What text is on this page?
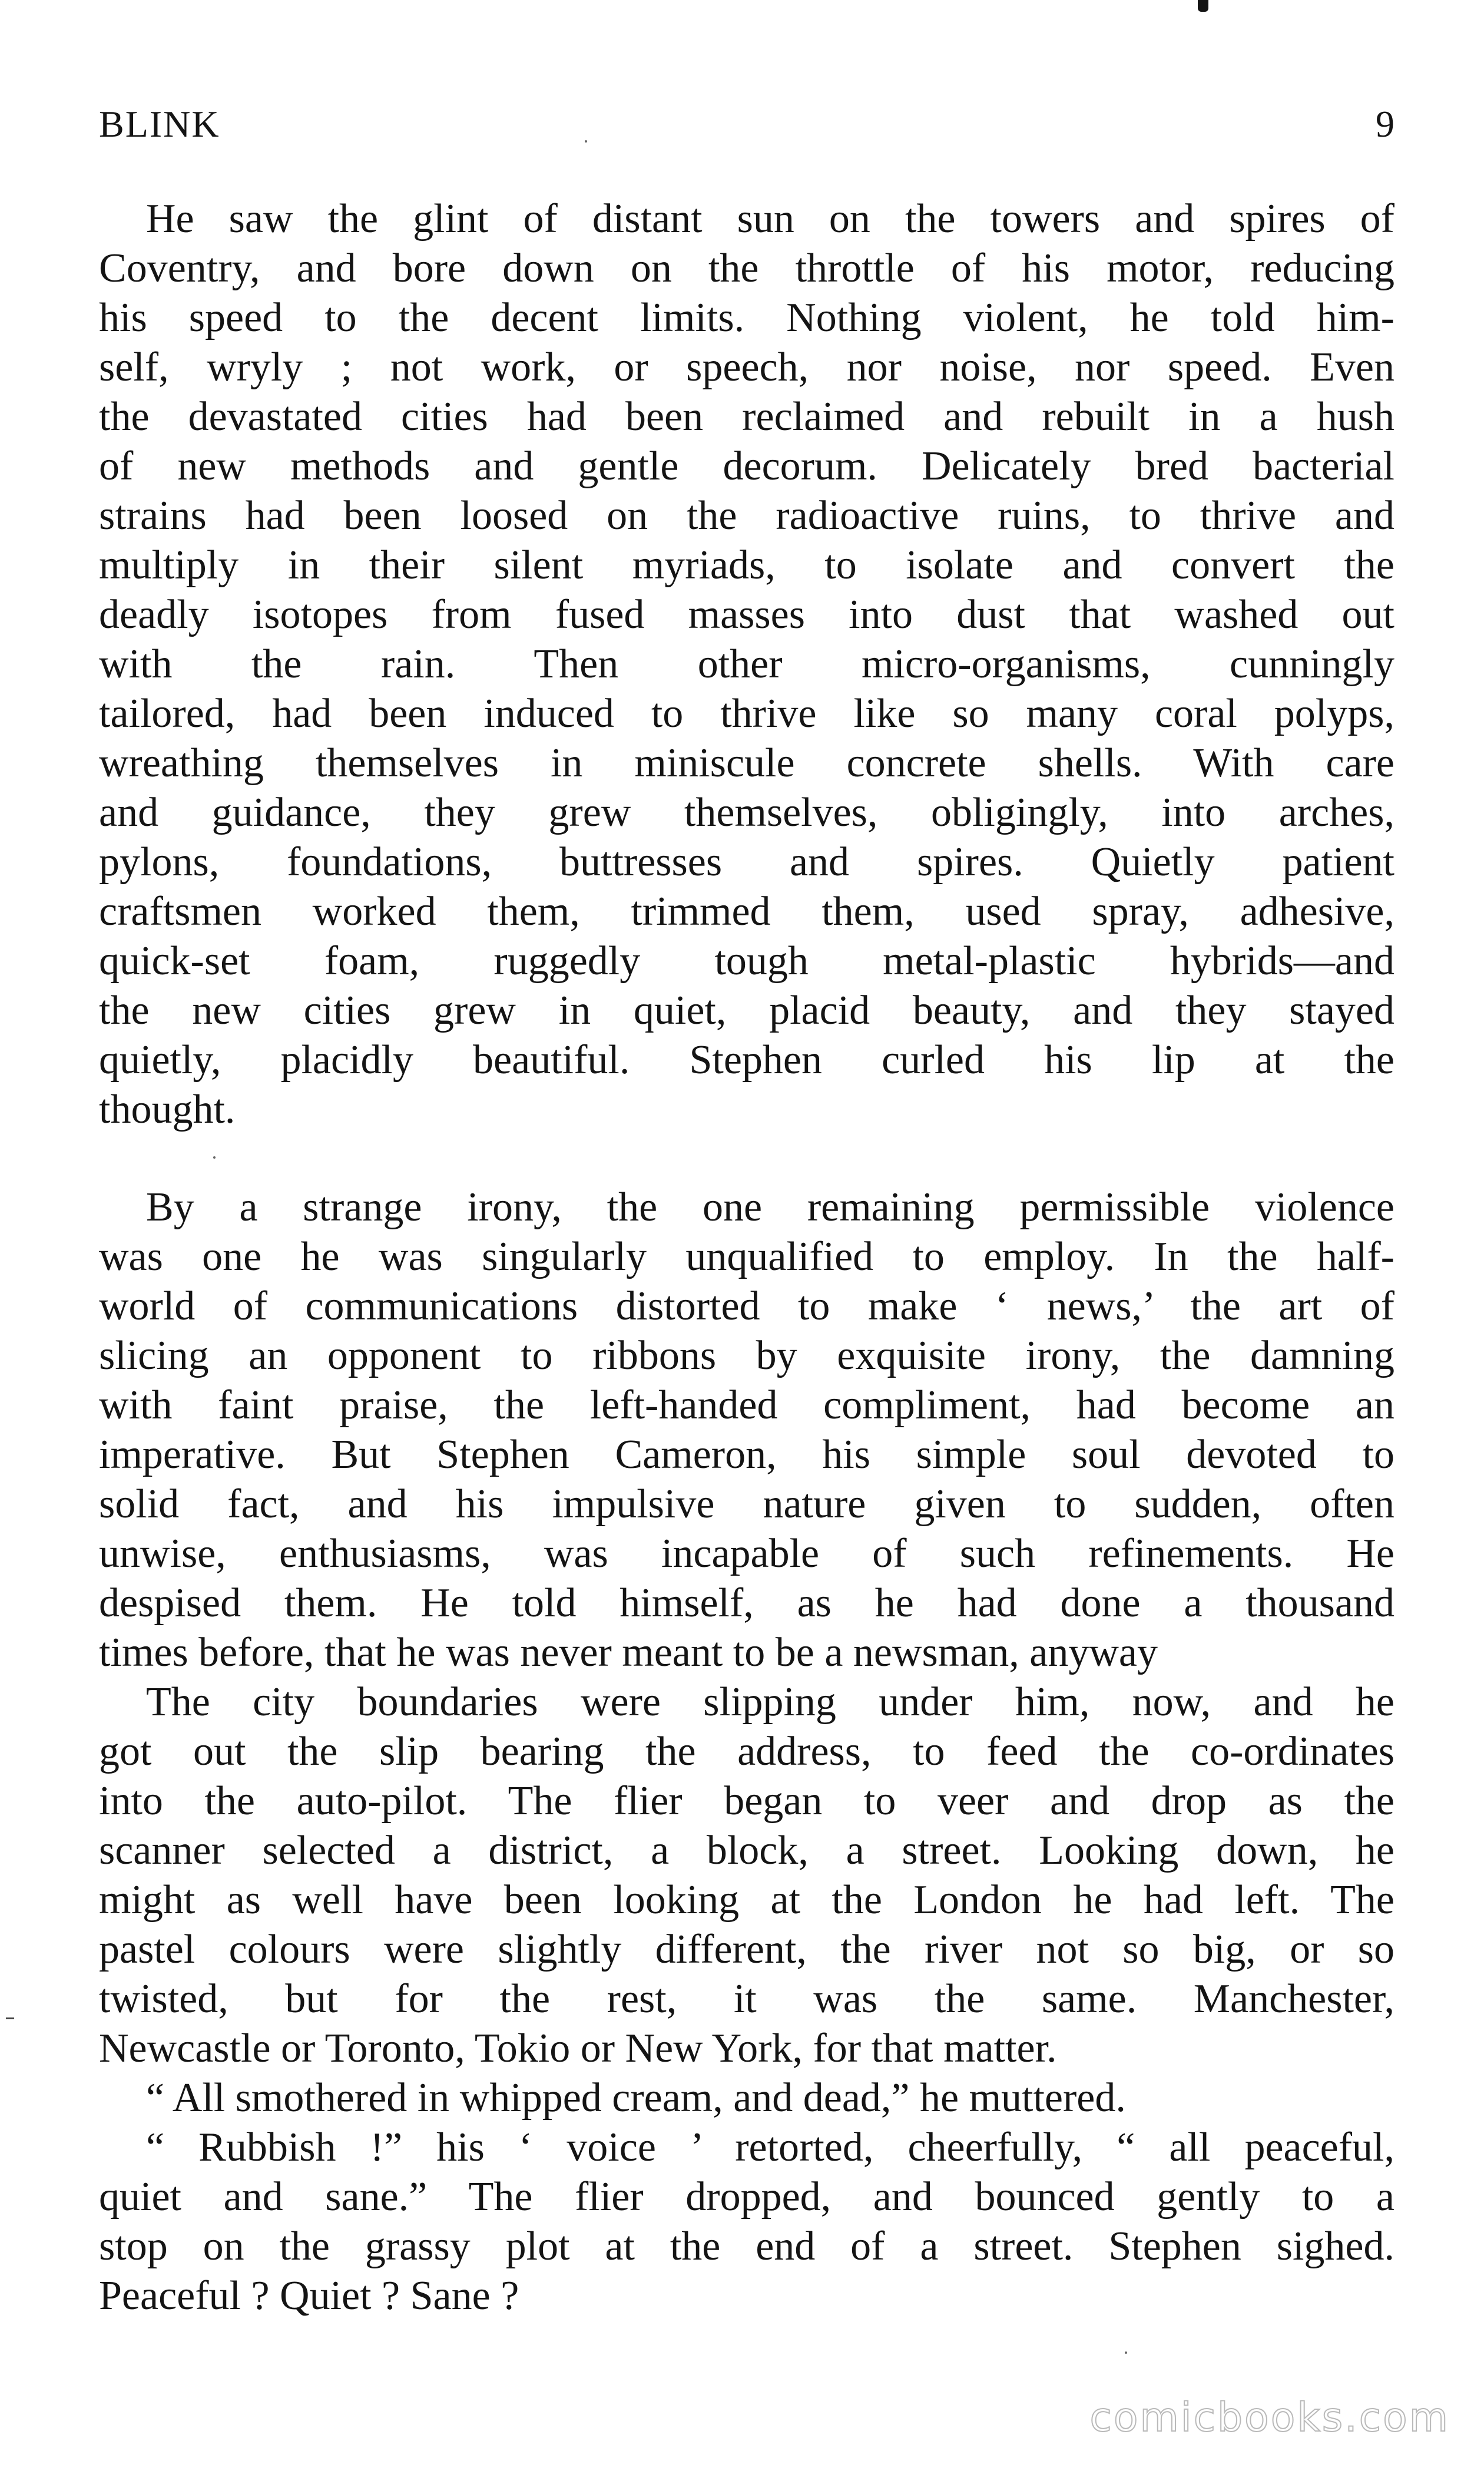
BLINK	9
He saw the glint of distant sun on the towers and spires of
Coventry, and bore down on the throttle of his motor, reducing
his speed to the decent limits. Nothing violent, he told him-
self, wryly ; not work, or speech, nor noise, nor speed. Even
the devastated cities had been reclaimed and rebuilt in a hush
of new methods and gentle decorum. Delicately bred bacterial
strains had been loosed on the radioactive ruins, to thrive and
multiply in their silent myriads, to isolate and convert the
deadly isotopes from fused masses into dust that washed out
with the rain. Then other micro-organisms, cunningly
tailored, had been induced to thrive like so many coral polyps,
wreathing themselves in miniscule concrete shells. With care
and guidance, they grew themselves, obligingly, into arches,
pylons, foundations, buttresses and spires. Quietly patient
craftsmen worked them, trimmed them, used spray, adhesive,
quick-set foam, ruggedly tough metal-plastic hybrids—and
the new cities grew in quiet, placid beauty, and they stayed
quietly, placidly beautiful. Stephen curled his lip at the
thought.
By a strange irony, the one remaining permissible violence
was one he was singularly unqualified to employ. In the half-
world of communications distorted to make ‘ news,’ the art of
slicing an opponent to ribbons by exquisite irony, the damning
with faint praise, the left-handed compliment, had become an
imperative. But Stephen Cameron, his simple soul devoted to
solid fact, and his impulsive nature given to sudden, often
unwise, enthusiasms, was incapable of such refinements. He
despised them. He told himself, as he had done a thousand
times before, that he was never meant to be a newsman, anyway
The city boundaries were slipping under him, now, and he
got out the slip bearing the address, to feed the co-ordinates
into the auto-pilot. The flier began to veer and drop as the
scanner selected a district, a block, a street. Looking down, he
might as well have been looking at the London he had left. The
pastel colours were slightly different, the river not so big, or so
twisted, but for the rest, it was the same. Manchester,
Newcastle or Toronto, Tokio or New York, for that matter.
“ All smothered in whipped cream, and dead,” he muttered.
“ Rubbish !” his ‘ voice ’ retorted, cheerfully, “ all peaceful,
quiet and sane.” The flier dropped, and bounced gently to a
stop on the grassy plot at the end of a street. Stephen sighed.
Peaceful ? Quiet ? Sane ?
comicbooks.com
